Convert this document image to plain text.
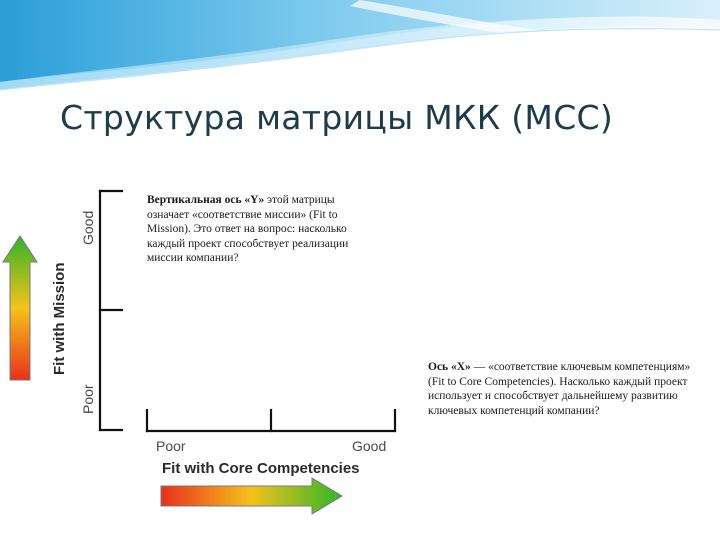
Структура матрицы МКК (MCC)
Fit with Mission
Good
Poor
Poor	Good
Fit with Core Competencies
Вертикальная ось «Y» этой матрицы означает «соответствие миссии» (Fit to Mission). Это ответ на вопрос: насколько каждый проект способствует реализации миссии компании?
Ось «X» — «соответствие ключевым компетенциям» (Fit to Core Competencies). Насколько каждый проект использует и способствует дальнейшему развитию ключевых компетенций компании?
